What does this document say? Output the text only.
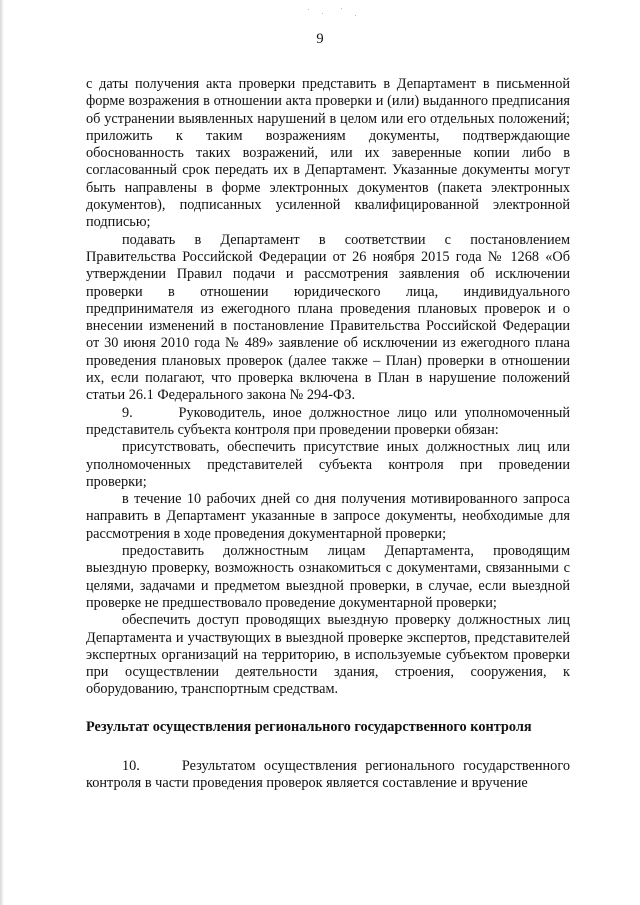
9

с даты получения акта проверки представить в Департамент в письменной форме возражения в отношении акта проверки и (или) выданного предписания об устранении выявленных нарушений в целом или его отдельных положений; приложить к таким возражениям документы, подтверждающие обоснованность таких возражений, или их заверенные копии либо в согласованный срок передать их в Департамент. Указанные документы могут быть направлены в форме электронных документов (пакета электронных документов), подписанных усиленной квалифицированной электронной подписью;

подавать в Департамент в соответствии с постановлением Правительства Российской Федерации от 26 ноября 2015 года № 1268 «Об утверждении Правил подачи и рассмотрения заявления об исключении проверки в отношении юридического лица, индивидуального предпринимателя из ежегодного плана проведения плановых проверок и о внесении изменений в постановление Правительства Российской Федерации от 30 июня 2010 года № 489» заявление об исключении из ежегодного плана проведения плановых проверок (далее также – План) проверки в отношении их, если полагают, что проверка включена в План в нарушение положений статьи 26.1 Федерального закона № 294-ФЗ.

9.      Руководитель, иное должностное лицо или уполномоченный представитель субъекта контроля при проведении проверки обязан:

присутствовать, обеспечить присутствие иных должностных лиц или уполномоченных представителей субъекта контроля при проведении проверки;

в течение 10 рабочих дней со дня получения мотивированного запроса направить в Департамент указанные в запросе документы, необходимые для рассмотрения в ходе проведения документарной проверки;

предоставить должностным лицам Департамента, проводящим выездную проверку, возможность ознакомиться с документами, связанными с целями, задачами и предметом выездной проверки, в случае, если выездной проверке не предшествовало проведение документарной проверки;

обеспечить доступ проводящих выездную проверку должностных лиц Департамента и участвующих в выездной проверке экспертов, представителей экспертных организаций на территорию, в используемые субъектом проверки при осуществлении деятельности здания, строения, сооружения, к оборудованию, транспортным средствам.

Результат осуществления регионального государственного контроля

10.     Результатом осуществления регионального государственного контроля в части проведения проверок является составление и вручение
